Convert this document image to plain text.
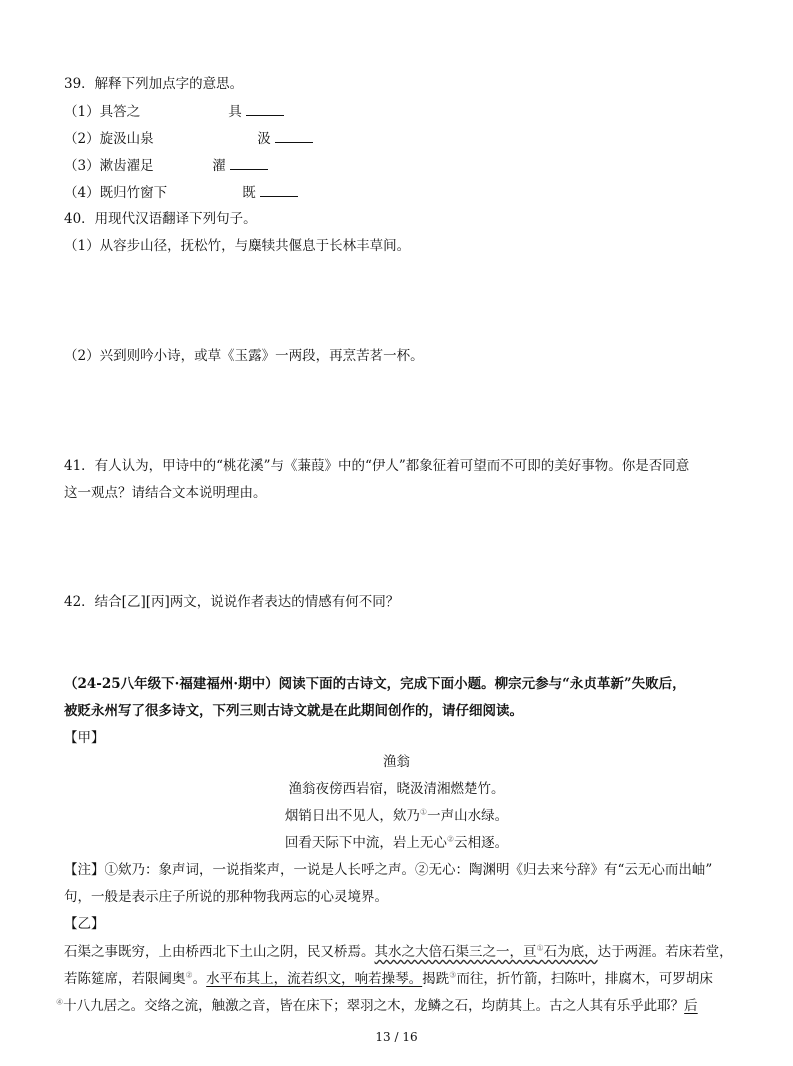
39．解释下列加点字的意思。
（1）具答之	具
（2）旋汲山泉	汲
（3）漱齿濯足	濯
（4）既归竹窗下	既
40．用现代汉语翻译下列句子。
（1）从容步山径，抚松竹，与麋犊共偃息于长林丰草间。
（2）兴到则吟小诗，或草《玉露》一两段，再烹苦茗一杯。
41．有人认为，甲诗中的“桃花溪”与《蒹葭》中的“伊人”都象征着可望而不可即的美好事物。你是否同意
这一观点？请结合文本说明理由。
42．结合[乙][丙]两文，说说作者表达的情感有何不同？
（24-25八年级下·福建福州·期中）阅读下面的古诗文，完成下面小题。柳宗元参与“永贞革新”失败后，
被贬永州写了很多诗文，下列三则古诗文就是在此期间创作的，请仔细阅读。
【甲】
渔翁
渔翁夜傍西岩宿，晓汲清湘燃楚竹。
烟销日出不见人，欸乃①一声山水绿。
回看天际下中流，岩上无心②云相逐。
【注】①欸乃：象声词，一说指桨声，一说是人长呼之声。②无心：陶渊明《归去来兮辞》有“云无心而出岫”
句，一般是表示庄子所说的那种物我两忘的心灵境界。
【乙】
石渠之事既穷，上由桥西北下土山之阴，民又桥焉。其水之大倍石渠三之一，亘①石为底，达于两涯。若床若堂，
若陈筵席，若限阃奥②。水平布其上，流若织文，响若操琴。揭跣③而往，折竹箭，扫陈叶，排腐木，可罗胡床
④十八九居之。交络之流，触激之音，皆在床下；翠羽之木，龙鳞之石，均荫其上。古之人其有乐乎此耶？后
13 / 16
